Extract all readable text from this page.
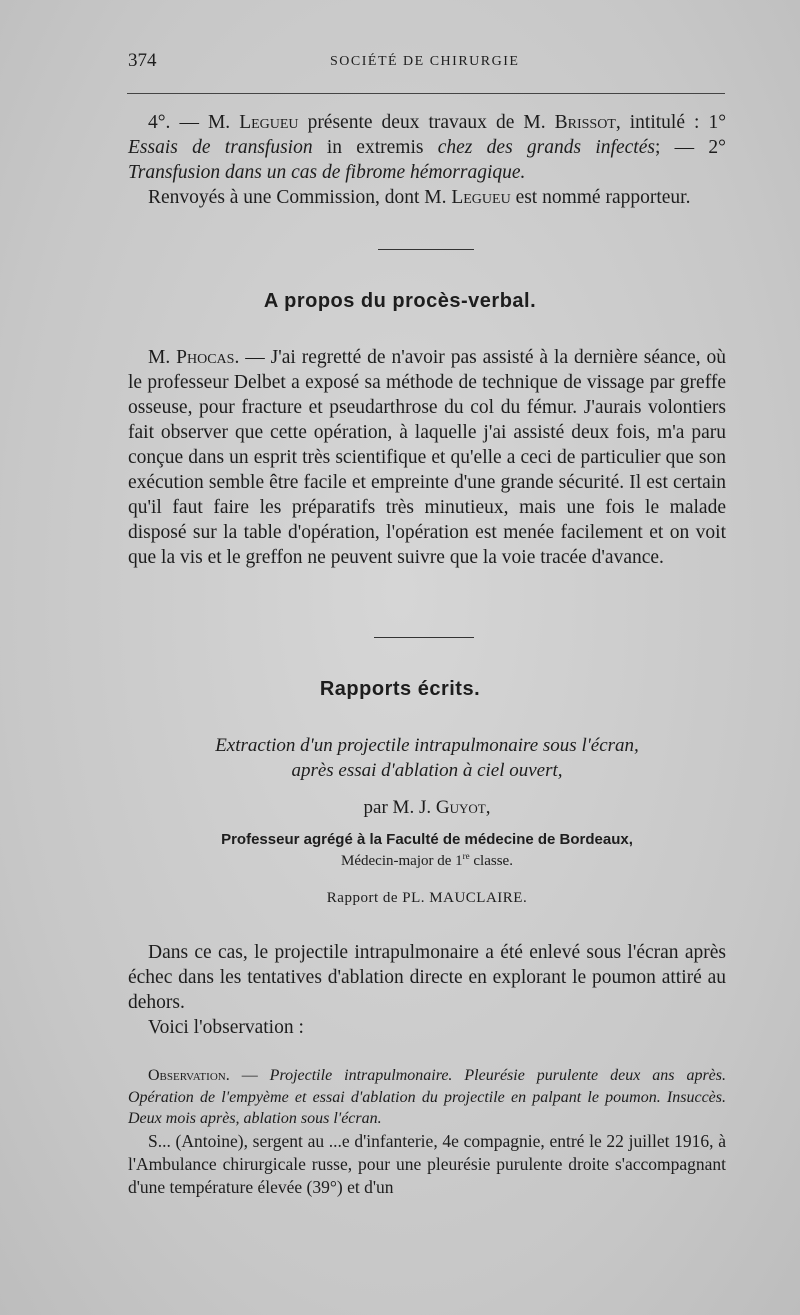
374	SOCIÉTÉ DE CHIRURGIE

4°. — M. Legueu présente deux travaux de M. Brissot, intitulé : 1° Essais de transfusion in extremis chez des grands infectés; — 2° Transfusion dans un cas de fibrome hémorragique.

Renvoyés à une Commission, dont M. Legueu est nommé rapporteur.

A propos du procès-verbal.

M. Phocas. — J'ai regretté de n'avoir pas assisté à la dernière séance, où le professeur Delbet a exposé sa méthode de technique de vissage par greffe osseuse, pour fracture et pseudarthrose du col du fémur. J'aurais volontiers fait observer que cette opération, à laquelle j'ai assisté deux fois, m'a paru conçue dans un esprit très scientifique et qu'elle a ceci de particulier que son exécution semble être facile et empreinte d'une grande sécurité. Il est certain qu'il faut faire les préparatifs très minutieux, mais une fois le malade disposé sur la table d'opération, l'opération est menée facilement et on voit que la vis et le greffon ne peuvent suivre que la voie tracée d'avance.

Rapports écrits.
Extraction d'un projectile intrapulmonaire sous l'écran,
après essai d'ablation à ciel ouvert,
par M. J. Guyot,
Professeur agrégé à la Faculté de médecine de Bordeaux,
Médecin-major de 1re classe.
Rapport de PL. MAUCLAIRE.

Dans ce cas, le projectile intrapulmonaire a été enlevé sous l'écran après échec dans les tentatives d'ablation directe en explorant le poumon attiré au dehors.

Voici l'observation :

Observation. — Projectile intrapulmonaire. Pleurésie purulente deux ans après. Opération de l'empyème et essai d'ablation du projectile en palpant le poumon. Insuccès. Deux mois après, ablation sous l'écran.

S... (Antoine), sergent au ...e d'infanterie, 4e compagnie, entré le 22 juillet 1916, à l'Ambulance chirurgicale russe, pour une pleurésie purulente droite s'accompagnant d'une température élevée (39°) et d'un
